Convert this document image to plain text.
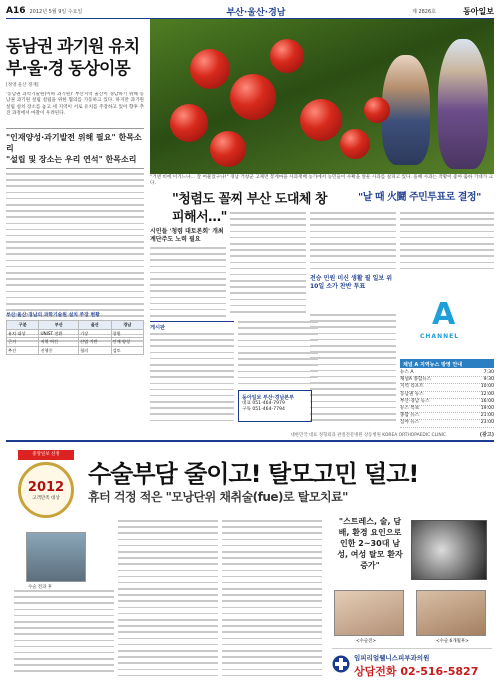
A16 2012년 5월 9일 수요일	부산·울산·경남	제 2826호	동아일보
동남권 과기원 유치
부·울·경 동상이몽
[정영 울산 정재]
'동남권 과학기술원(이하 과기원)' 부산지역 울산이 경남하기 위해 동남권 과기원 설립 설립을 위한 협의를 가동하고 있다. 하지만 과기원 설립 설치 장소를 놓고 세 지역이 서로 유치를 주장하고 있어 향후 추진 과정에서 마찰이 우려된다.
"인재양성·과기발전 위해 필요" 한목소리
"설립 및 장소는 우리 연석" 한목소리
부산·울산·경남의 과학기술원 설치 주장 현황
구분	부산	울산	경남
유치 대상	UNIST 전환	기장	창원
근거	지역 여건	산업 기반	인재 양성
추진	진행중	협의	검토
"거센 비에 이기느냐… 잘 여물었구나!" 경남 거창군 고제면 봉계마을 사과재배 농가에서 농민들이 수확을 앞둔 사과를 살피고 있다. 올해 사과는 작황이 좋아 출하 기대가 크다.
"청렴도 꼴찌 부산 도대체 창피해서…"
"날 때 火鬪 주민투표로 결정"
시민들 '청렴 대토론회' 개최 계단주도 노력 필요
전승 민원 미신 생활 필 일보 위 10일 소가 찬반 투표
게시판
동아일보 부산·경남본부
대표 051-464-7979
구독 051-464-7794
A
CHANNEL
채널 A 지역뉴스 방영 안내
뉴스 A	7:30
채널A 종합뉴스	9:30
지역 리포트	10:00
동남권 뉴스	12:00
부산·경남 뉴스	16:00
뉴스 특보	19:00
종합 뉴스	21:00
심야 뉴스	23:00
대한민국 대표 정형외과 관절전문병원 상동병원 KOREA ORTHOPAEDIC CLINIC	(광고)
중앙일보 선정
2012
고객만족 대상
수술부담 줄이고! 탈모고민 덜고!
휴터 걱정 적은 "모낭단위 채취술(fue)로 탈모치료"
수술 전과 후
"스트레스, 술, 담배, 환경 요인으로 인한 2~30대 남성, 여성 탈모 환자 증가"
<수술전>	<수술 6개월후>
임피리얼웰니스피부과의원
상담전화 02-516-5827
